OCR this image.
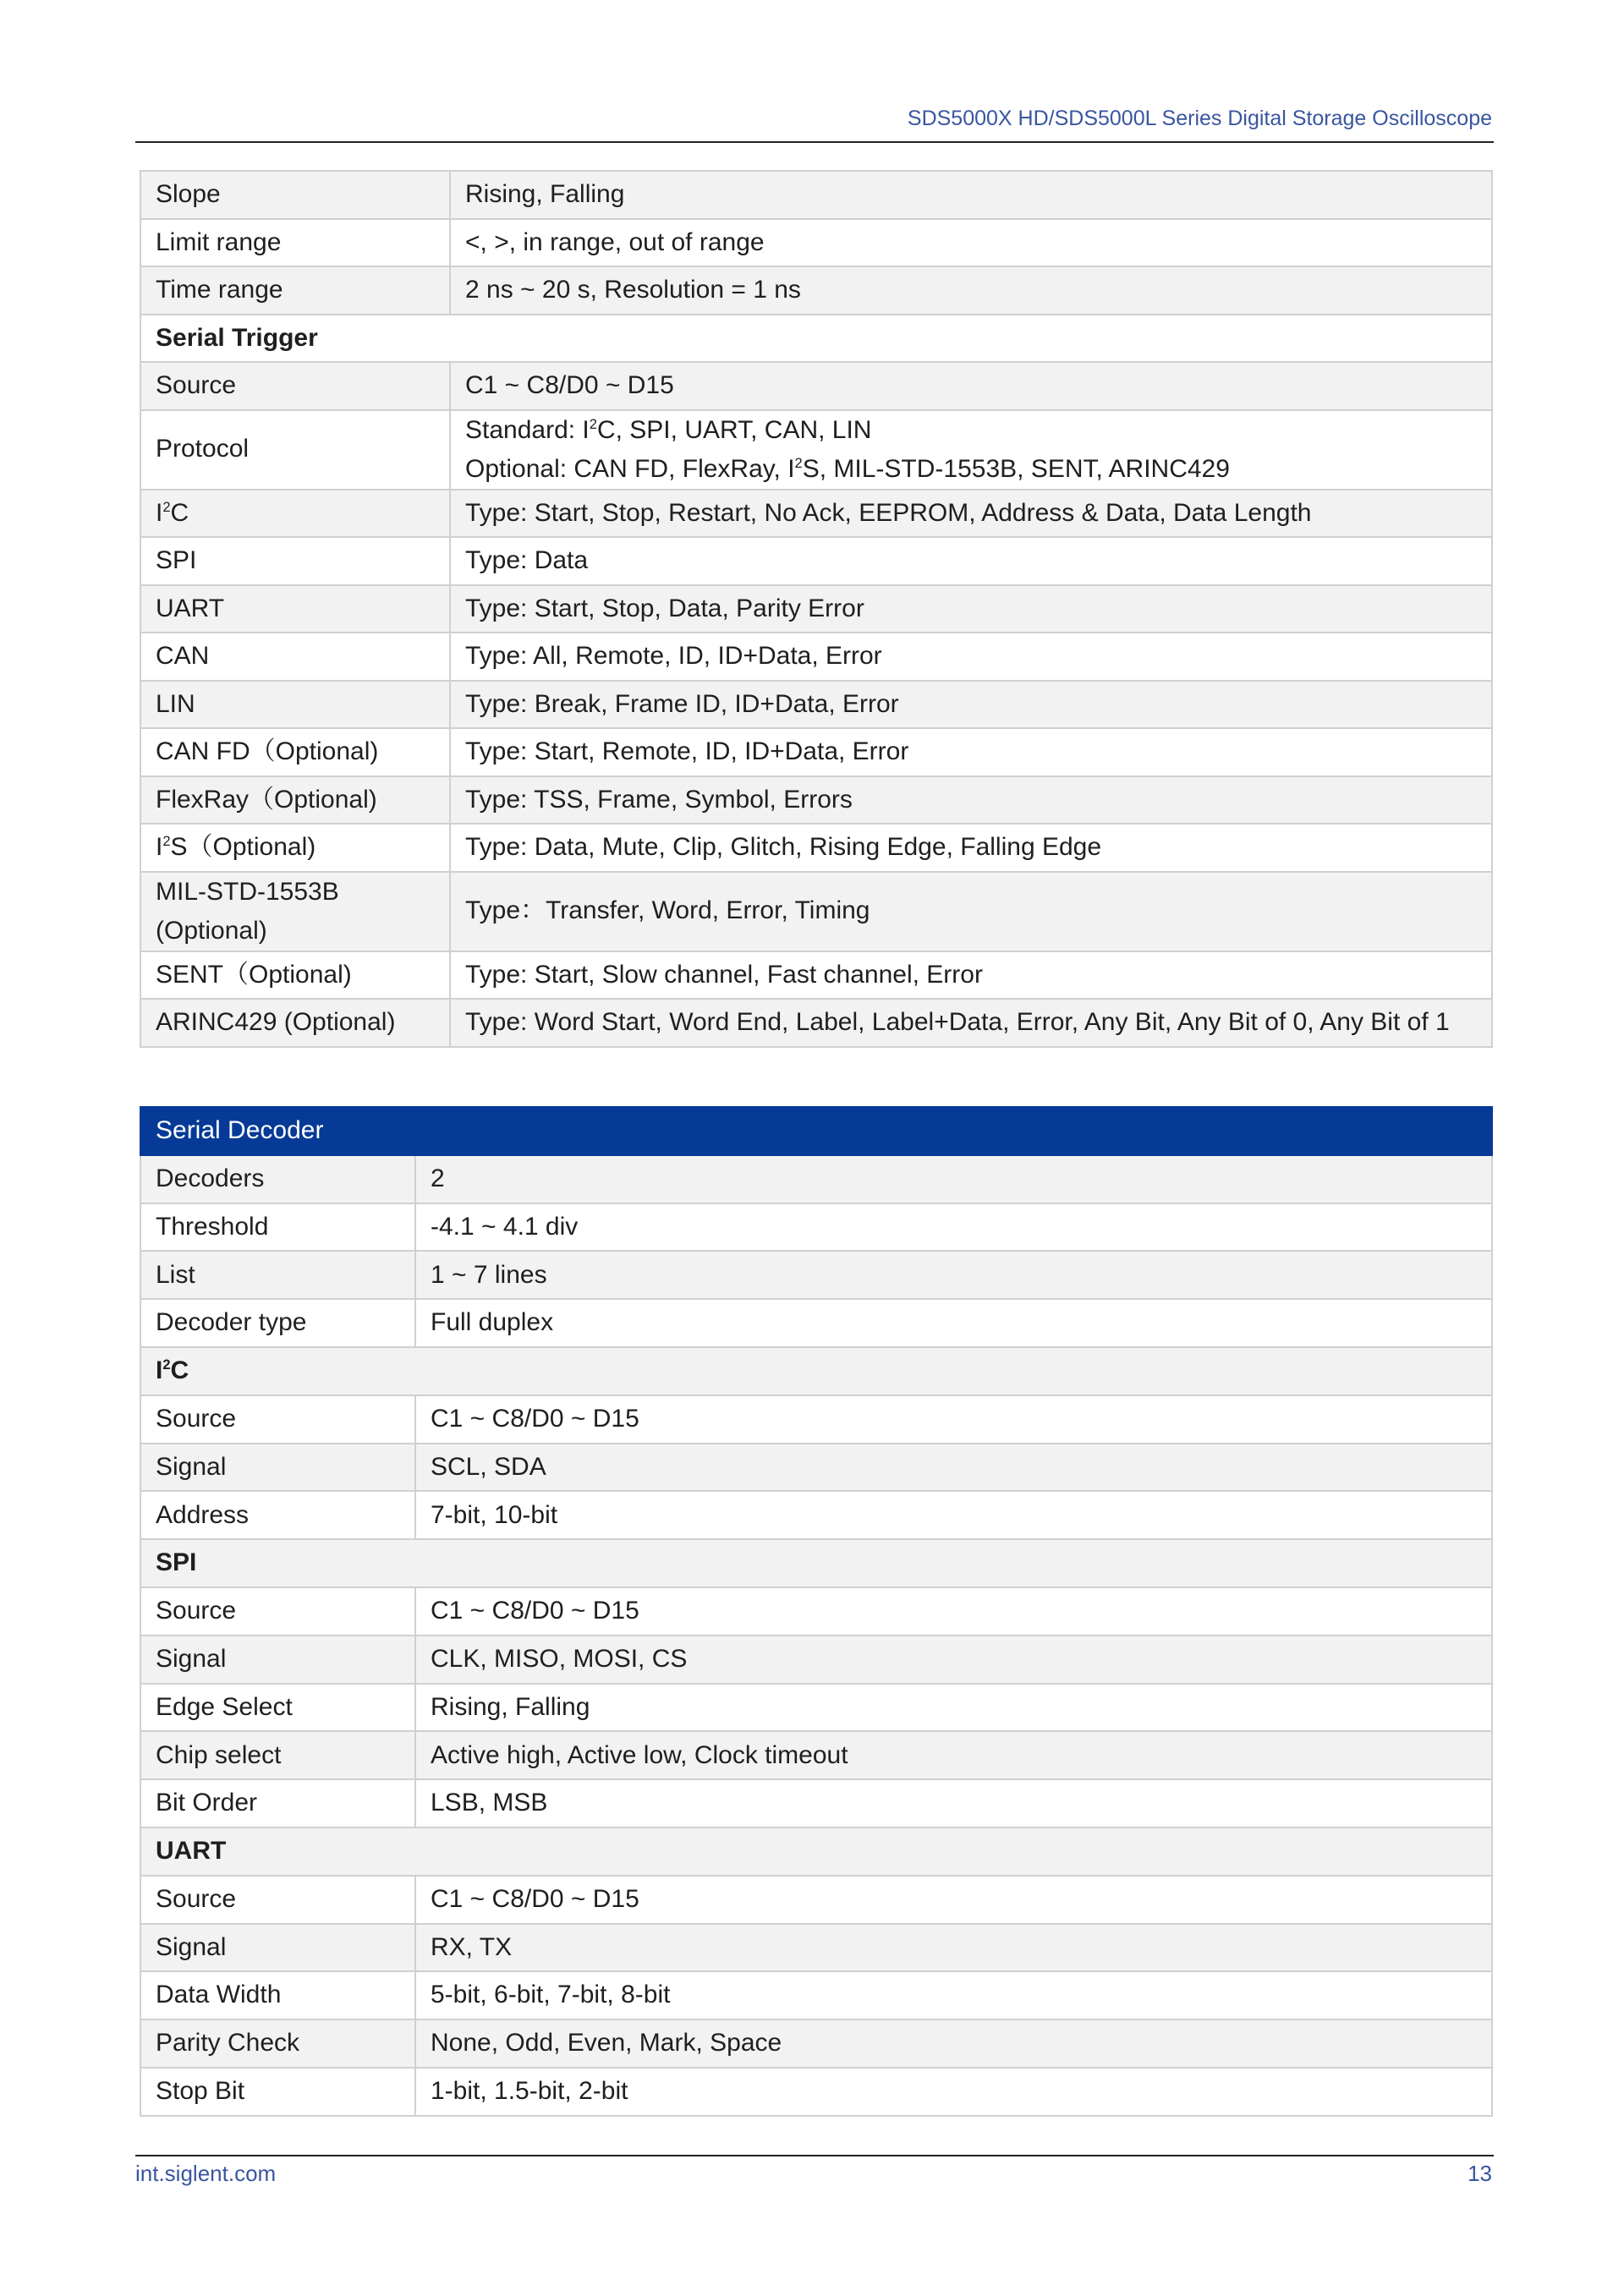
SDS5000X HD/SDS5000L Series Digital Storage Oscilloscope
Slope	Rising, Falling
Limit range	<, >, in range, out of range
Time range	2 ns ~ 20 s, Resolution = 1 ns
Serial Trigger	
Source	C1 ~ C8/D0 ~ D15
Protocol	Standard: $I^2C$, SPI, UART, CAN, LIN
Optional: CAN FD, FlexRay, $I^2S$, MIL-STD-1553B, SENT, ARINC429

$I^2C$	Type: Start, Stop, Restart, No Ack, EEPROM, Address & Data, Data Length
SPI	Type: Data
UART	Type: Start, Stop, Data, Parity Error
CAN	Type: All, Remote, ID, ID+Data, Error
LIN	Type: Break, Frame ID, ID+Data, Error
CAN FD（Optional)	Type: Start, Remote, ID, ID+Data, Error
FlexRay（Optional)	Type: TSS, Frame, Symbol, Errors
$I^2S(Optional)$	Type: Data, Mute, Clip, Glitch, Rising Edge, Falling Edge

MIL-STD-1553B
(Optional)	Type：Transfer, Word, Error, Timing
SENT（Optional)	Type: Start, Slow channel, Fast channel, Error
ARINC429 (Optional)	Type: Word Start, Word End, Label, Label+Data, Error, Any Bit, Any Bit of 0, Any Bit of 1
Serial Decoder	
Decoders	2
Threshold	-4.1 ~ 4.1 div
List	1 ~ 7 lines
Decoder type	Full duplex
$I^2C$	
Source	C1 ~ C8/D0 ~ D15
Signal	SCL, SDA
Address	7-bit, 10-bit
SPI	
Source	C1 ~ C8/D0 ~ D15
Signal	CLK, MISO, MOSI, CS
Edge Select	Rising, Falling
Chip select	Active high, Active low, Clock timeout
Bit Order	LSB, MSB
UART	
Source	C1 ~ C8/D0 ~ D15
Signal	RX, TX
Data Width	5-bit, 6-bit, 7-bit, 8-bit
Parity Check	None, Odd, Even, Mark, Space
Stop Bit	1-bit, 1.5-bit, 2-bit
int.siglent.com	13
